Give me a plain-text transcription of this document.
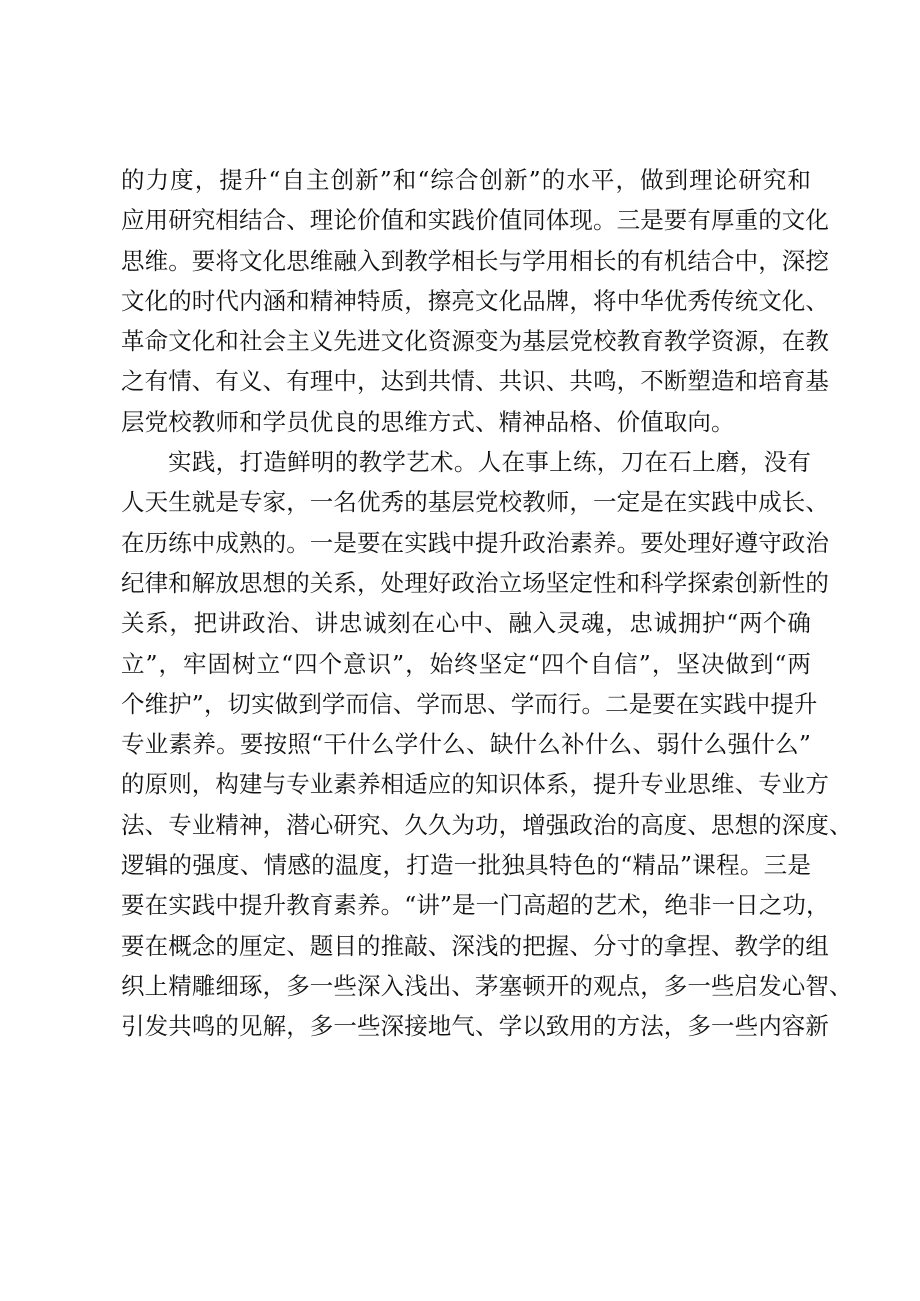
的力度，提升“自主创新”和“综合创新”的水平，做到理论研究和
应用研究相结合、理论价值和实践价值同体现。三是要有厚重的文化
思维。要将文化思维融入到教学相长与学用相长的有机结合中，深挖
文化的时代内涵和精神特质，擦亮文化品牌，将中华优秀传统文化、
革命文化和社会主义先进文化资源变为基层党校教育教学资源，在教
之有情、有义、有理中，达到共情、共识、共鸣，不断塑造和培育基
层党校教师和学员优良的思维方式、精神品格、价值取向。
实践，打造鲜明的教学艺术。人在事上练，刀在石上磨，没有
人天生就是专家，一名优秀的基层党校教师，一定是在实践中成长、
在历练中成熟的。一是要在实践中提升政治素养。要处理好遵守政治
纪律和解放思想的关系，处理好政治立场坚定性和科学探索创新性的
关系，把讲政治、讲忠诚刻在心中、融入灵魂，忠诚拥护“两个确
立”，牢固树立“四个意识”，始终坚定“四个自信”，坚决做到“两
个维护”，切实做到学而信、学而思、学而行。二是要在实践中提升
专业素养。要按照“干什么学什么、缺什么补什么、弱什么强什么”
的原则，构建与专业素养相适应的知识体系，提升专业思维、专业方
法、专业精神，潜心研究、久久为功，增强政治的高度、思想的深度、
逻辑的强度、情感的温度，打造一批独具特色的“精品”课程。三是
要在实践中提升教育素养。“讲”是一门高超的艺术，绝非一日之功，
要在概念的厘定、题目的推敲、深浅的把握、分寸的拿捏、教学的组
织上精雕细琢，多一些深入浅出、茅塞顿开的观点，多一些启发心智、
引发共鸣的见解，多一些深接地气、学以致用的方法，多一些内容新
